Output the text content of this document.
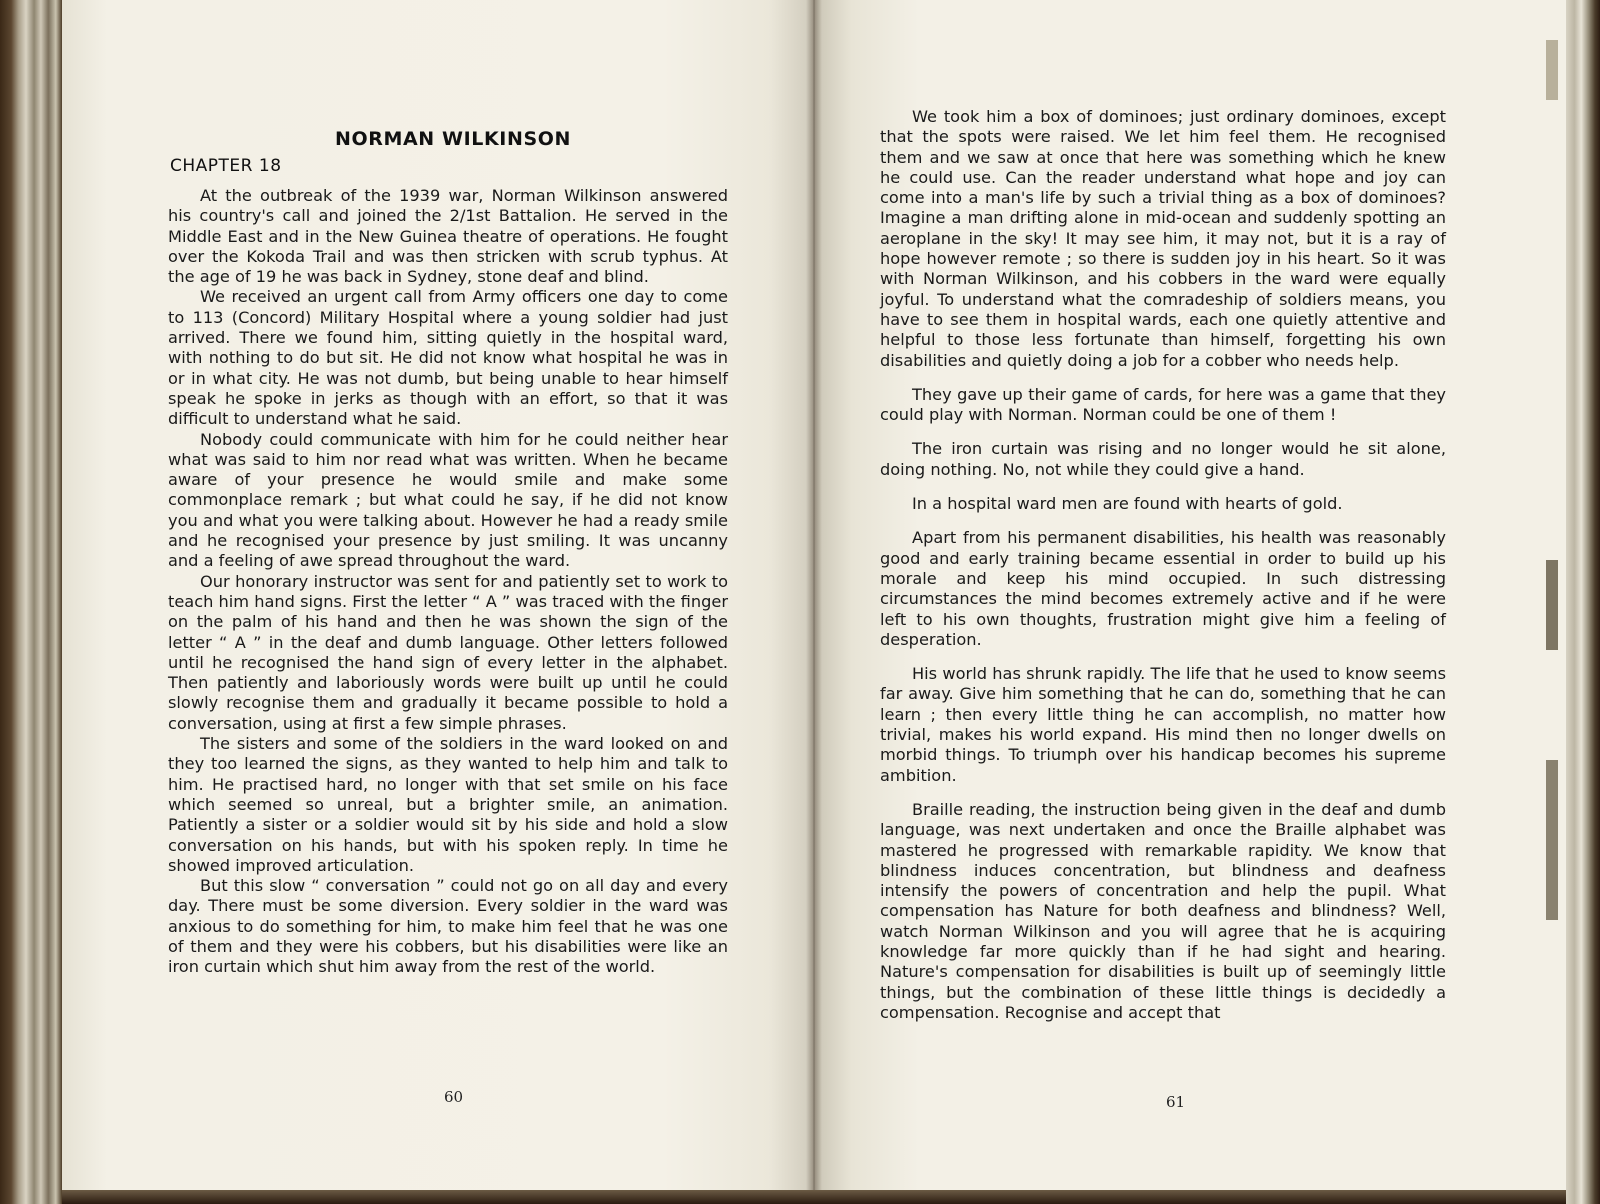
NORMAN WILKINSON
CHAPTER 18

At the outbreak of the 1939 war, Norman Wilkinson answered his country's call and joined the 2/1st Battalion. He served in the Middle East and in the New Guinea theatre of operations. He fought over the Kokoda Trail and was then stricken with scrub typhus. At the age of 19 he was back in Sydney, stone deaf and blind.

We received an urgent call from Army officers one day to come to 113 (Concord) Military Hospital where a young soldier had just arrived. There we found him, sitting quietly in the hospital ward, with nothing to do but sit. He did not know what hospital he was in or in what city. He was not dumb, but being unable to hear himself speak he spoke in jerks as though with an effort, so that it was difficult to understand what he said.

Nobody could communicate with him for he could neither hear what was said to him nor read what was written. When he became aware of your presence he would smile and make some commonplace remark ; but what could he say, if he did not know you and what you were talking about. However he had a ready smile and he recognised your presence by just smiling. It was uncanny and a feeling of awe spread throughout the ward.

Our honorary instructor was sent for and patiently set to work to teach him hand signs. First the letter “ A ” was traced with the finger on the palm of his hand and then he was shown the sign of the letter “ A ” in the deaf and dumb language. Other letters followed until he recognised the hand sign of every letter in the alphabet. Then patiently and laboriously words were built up until he could slowly recognise them and gradually it became possible to hold a conversation, using at first a few simple phrases.

The sisters and some of the soldiers in the ward looked on and they too learned the signs, as they wanted to help him and talk to him. He practised hard, no longer with that set smile on his face which seemed so unreal, but a brighter smile, an animation. Patiently a sister or a soldier would sit by his side and hold a slow conversation on his hands, but with his spoken reply. In time he showed improved articulation.

But this slow “ conversation ” could not go on all day and every day. There must be some diversion. Every soldier in the ward was anxious to do something for him, to make him feel that he was one of them and they were his cobbers, but his disabilities were like an iron curtain which shut him away from the rest of the world.

60

We took him a box of dominoes; just ordinary dominoes, except that the spots were raised. We let him feel them. He recognised them and we saw at once that here was something which he knew he could use. Can the reader understand what hope and joy can come into a man's life by such a trivial thing as a box of dominoes? Imagine a man drifting alone in mid-ocean and suddenly spotting an aeroplane in the sky! It may see him, it may not, but it is a ray of hope however remote ; so there is sudden joy in his heart. So it was with Norman Wilkinson, and his cobbers in the ward were equally joyful. To understand what the comradeship of soldiers means, you have to see them in hospital wards, each one quietly attentive and helpful to those less fortunate than himself, forgetting his own disabilities and quietly doing a job for a cobber who needs help.

They gave up their game of cards, for here was a game that they could play with Norman. Norman could be one of them !

The iron curtain was rising and no longer would he sit alone, doing nothing. No, not while they could give a hand.

In a hospital ward men are found with hearts of gold.

Apart from his permanent disabilities, his health was reasonably good and early training became essential in order to build up his morale and keep his mind occupied. In such distressing circumstances the mind becomes extremely active and if he were left to his own thoughts, frustration might give him a feeling of desperation.

His world has shrunk rapidly. The life that he used to know seems far away. Give him something that he can do, something that he can learn ; then every little thing he can accomplish, no matter how trivial, makes his world expand. His mind then no longer dwells on morbid things. To triumph over his handicap becomes his supreme ambition.

Braille reading, the instruction being given in the deaf and dumb language, was next undertaken and once the Braille alphabet was mastered he progressed with remarkable rapidity. We know that blindness induces concentration, but blindness and deafness intensify the powers of concentration and help the pupil. What compensation has Nature for both deafness and blindness? Well, watch Norman Wilkinson and you will agree that he is acquiring knowledge far more quickly than if he had sight and hearing. Nature's compensation for disabilities is built up of seemingly little things, but the combination of these little things is decidedly a compensation. Recognise and accept that

61
